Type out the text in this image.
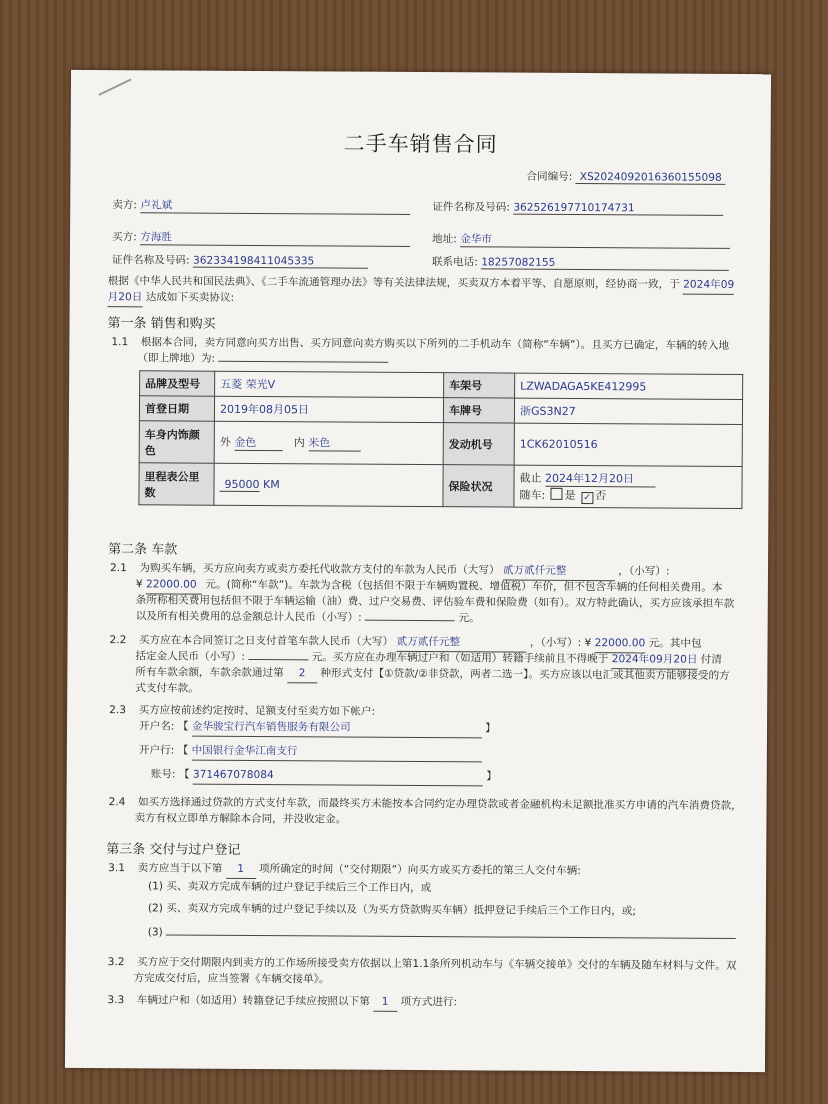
二手车销售合同
合同编号: XS2024092016360155098
卖方: 卢礼斌	证件名称及号码: 362526197710174731
买方: 方海胜	地址: 金华市
证件名称及号码: 362334198411045335	联系电话: 18257082155
根据《中华人民共和国民法典》、《二手车流通管理办法》等有关法律法规，买卖双方本着平等、自愿原则，经协商一致，于 2024年09
月20日 达成如下买卖协议:
第一条 销售和购买
1.1 根据本合同，卖方同意向买方出售、买方同意向卖方购买以下所列的二手机动车（简称“车辆”）。且买方已确定，车辆的转入地
（即上牌地）为:
品牌及型号	五菱 荣光V	车架号	LZWADAGA5KE412995
首登日期	2019年08月05日	车牌号	浙GS3N27
车身内饰颜色	外 金色 内 米色	发动机号	1CK62010516
里程表公里数	95000 KM	保险状况	截止 2024年12月20日
随车: 是 ✓ 否
第二条 车款
2.1 为购买车辆，买方应向卖方或卖方委托代收款方支付的车款为人民币（大写） 贰万贰仟元整	，（小写）:
¥ 22000.00 元。(简称“车款”)。车款为含税（包括但不限于车辆购置税、增值税）车价，但不包含车辆的任何相关费用。本
条所称相关费用包括但不限于车辆运输（油）费、过户交易费、评估验车费和保险费（如有）。双方特此确认，买方应该承担车款
以及所有相关费用的总金额总计人民币（小写）:	元。
2.2 买方应在本合同签订之日支付首笔车款人民币（大写） 贰万贰仟元整	，（小写）: ¥ 22000.00 元。其中包
括定金人民币（小写）:	元。买方应在办理车辆过户和（如适用）转籍手续前且不得晚于 2024年09月20日 付清
所有车款余额，车款余款通过第 2 种形式支付【①贷款/②非贷款，两者二选一】。买方应该以电汇或其他卖方能够接受的方
式支付车款。
2.3 买方应按前述约定按时、足额支付至卖方如下帐户:
开户名: 【 金华骏宝行汽车销售服务有限公司	】
开户行: 【 中国银行金华江南支行
账号: 【 371467078084	】
2.4 如买方选择通过贷款的方式支付车款，而最终买方未能按本合同约定办理贷款或者金融机构未足额批准买方申请的汽车消费贷款，
卖方有权立即单方解除本合同，并没收定金。
第三条 交付与过户登记
3.1 卖方应当于以下第 1 项所确定的时间（“交付期限”）向买方或买方委托的第三人交付车辆:
(1) 买、卖双方完成车辆的过户登记手续后三个工作日内，或
(2) 买、卖双方完成车辆的过户登记手续以及（为买方贷款购买车辆）抵押登记手续后三个工作日内，或;
(3)
3.2 买方应于交付期限内到卖方的工作场所接受卖方依据以上第1.1条所列机动车与《车辆交接单》交付的车辆及随车材料与文件。双
方完成交付后，应当签署《车辆交接单》。
3.3 车辆过户和（如适用）转籍登记手续应按照以下第 1 项方式进行:
